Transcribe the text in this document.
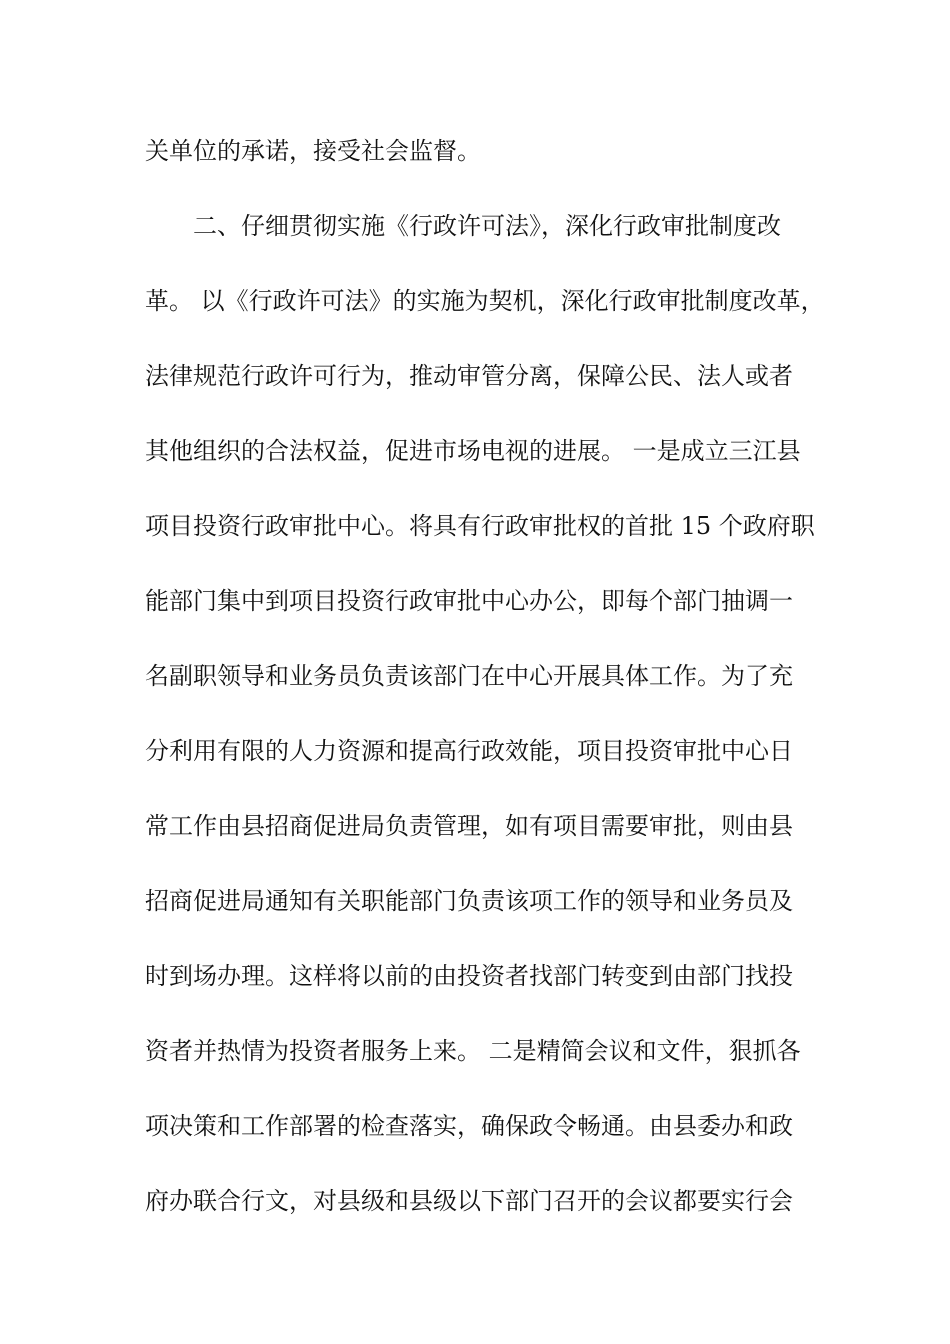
关单位的承诺，接受社会监督。
二、仔细贯彻实施《行政许可法》，深化行政审批制度改
革。 以《行政许可法》的实施为契机，深化行政审批制度改革，
法律规范行政许可行为，推动审管分离，保障公民、法人或者
其他组织的合法权益，促进市场电视的进展。 一是成立三江县
项目投资行政审批中心。将具有行政审批权的首批 15 个政府职
能部门集中到项目投资行政审批中心办公，即每个部门抽调一
名副职领导和业务员负责该部门在中心开展具体工作。为了充
分利用有限的人力资源和提高行政效能，项目投资审批中心日
常工作由县招商促进局负责管理，如有项目需要审批，则由县
招商促进局通知有关职能部门负责该项工作的领导和业务员及
时到场办理。这样将以前的由投资者找部门转变到由部门找投
资者并热情为投资者服务上来。 二是精简会议和文件，狠抓各
项决策和工作部署的检查落实，确保政令畅通。由县委办和政
府办联合行文，对县级和县级以下部门召开的会议都要实行会
